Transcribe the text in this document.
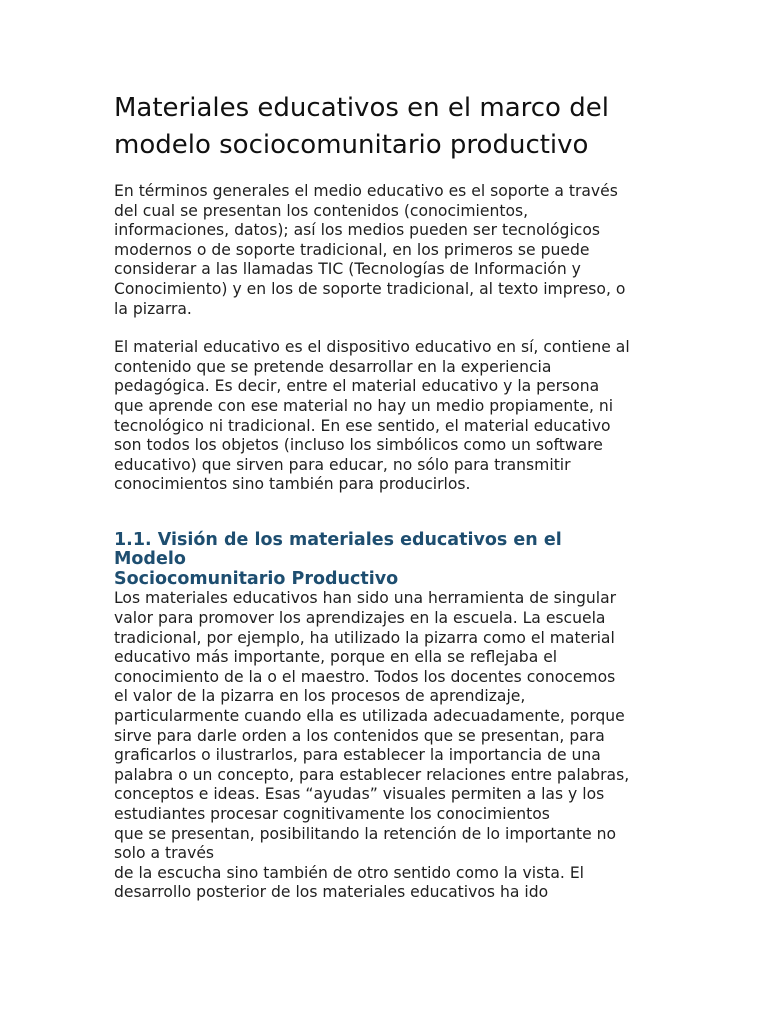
Materiales educativos en el marco del
modelo sociocomunitario productivo

En términos generales el medio educativo es el soporte a través
del cual se presentan los contenidos (conocimientos,
informaciones, datos); así los medios pueden ser tecnológicos
modernos o de soporte tradicional, en los primeros se puede
considerar a las llamadas TIC (Tecnologías de Información y
Conocimiento) y en los de soporte tradicional, al texto impreso, o
la pizarra.

El material educativo es el dispositivo educativo en sí, contiene al
contenido que se pretende desarrollar en la experiencia
pedagógica. Es decir, entre el material educativo y la persona
que aprende con ese material no hay un medio propiamente, ni
tecnológico ni tradicional. En ese sentido, el material educativo
son todos los objetos (incluso los simbólicos como un software
educativo) que sirven para educar, no sólo para transmitir
conocimientos sino también para producirlos.

1.1. Visión de los materiales educativos en el
Modelo
Sociocomunitario Productivo

Los materiales educativos han sido una herramienta de singular
valor para promover los aprendizajes en la escuela. La escuela
tradicional, por ejemplo, ha utilizado la pizarra como el material
educativo más importante, porque en ella se reflejaba el
conocimiento de la o el maestro. Todos los docentes conocemos
el valor de la pizarra en los procesos de aprendizaje,
particularmente cuando ella es utilizada adecuadamente, porque
sirve para darle orden a los contenidos que se presentan, para
graficarlos o ilustrarlos, para establecer la importancia de una
palabra o un concepto, para establecer relaciones entre palabras,
conceptos e ideas. Esas “ayudas” visuales permiten a las y los
estudiantes procesar cognitivamente los conocimientos
que se presentan, posibilitando la retención de lo importante no
solo a través
de la escucha sino también de otro sentido como la vista. El
desarrollo posterior de los materiales educativos ha ido
